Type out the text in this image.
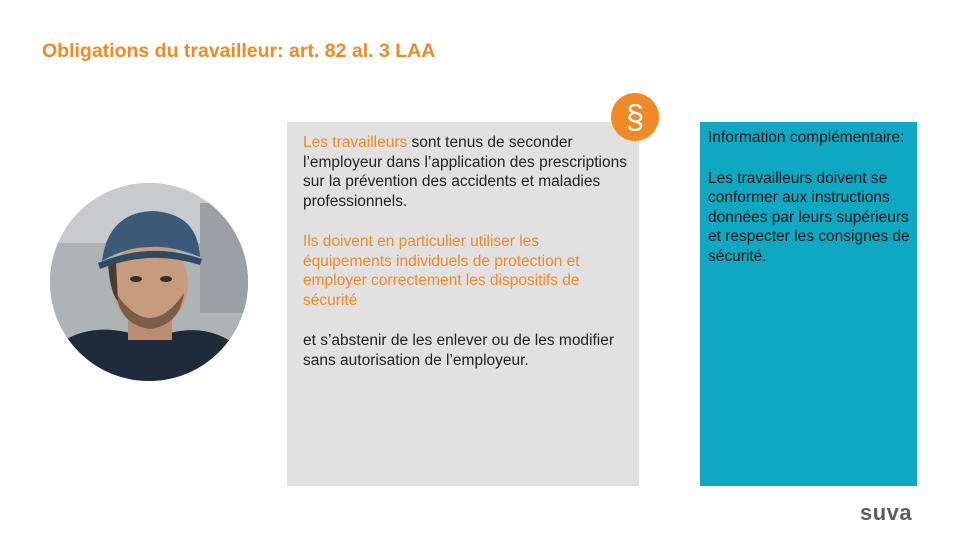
Obligations du travailleur: art. 82 al. 3 LAA

Les travailleurs sont tenus de seconder l’employeur dans l’application des prescriptions sur la prévention des accidents et maladies professionnels.

Ils doivent en particulier utiliser les équipements individuels de protection et employer correctement les dispositifs de sécurité

et s’abstenir de les enlever ou de les modifier sans autorisation de l’employeur.

§

Information complémentaire:

Les travailleurs doivent se conformer aux instructions données par leurs supérieurs et respecter les consignes de sécurité.

suva
